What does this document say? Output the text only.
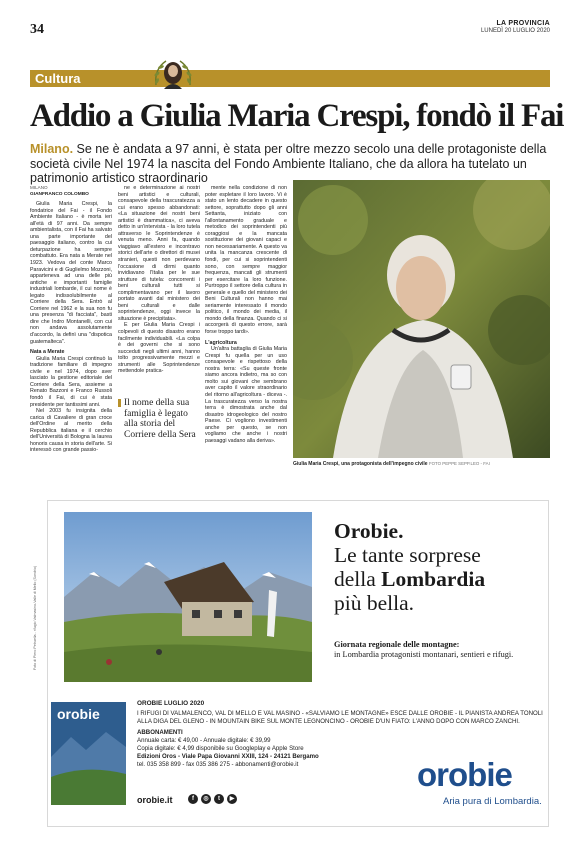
34	LA PROVINCIA
LUNEDÌ 20 LUGLIO 2020
Cultura
Addio a Giulia Maria Crespi, fondò il Fai

Milano. Se ne è andata a 97 anni, è stata per oltre mezzo secolo una delle protagoniste della società civile Nel 1974 la nascita del Fondo Ambiente Italiano, che da allora ha tutelato un patrimonio artistico straordinario

MILANO
GIANFRANCO COLOMBO

Giulia Maria Crespi, la fondatrice del Fai - il Fondo Ambiente Italiano - è morta ieri all'età di 97 anni. Da sempre ambientalista, con il Fai ha salvato una parte importante del paesaggio italiano, contro la cui deturpazione ha sempre combattuto. Era nata a Merate nel 1923. Vedova del conte Marco Paravicini e di Guglielmo Mozzoni, apparteneva ad una delle più antiche e importanti famiglie industriali lombarde, il cui nome è legato indissolubilmente al Corriere della Sera. Entrò al Corriere nel 1962 e la sua non fu una presenza "di facciata", basti dire che Indro Montanelli, con cui non andava assolutamente d'accordo, la definì una "dispotica guatemalteca".

Nata a Merate

Giulia Maria Crespi continuò la tradizione familiare di impegno civile e nel 1974, dopo aver lasciato la gestione editoriale del Corriere della Sera, assieme a Renato Bazzoni e Franco Russoli fondò il Fai, di cui è stata presidente per tantissimi anni.

Nel 2003 fu insignita della carica di Cavaliere di gran croce dell'Ordine al merito della Repubblica italiana e il cerchio dell'Università di Bologna la laurea honoris causa in storia dell'arte. Si interessò con grande passio-

ne e determinazione ai nostri beni artistici e culturali, consapevole della trascuratezza a cui erano spesso abbandonati: «La situazione dei nostri beni artistici è drammatica», ci aveva detto in un'intervista - la loro tutela attraverso le Soprintendenze è venuta meno. Anni fa, quando viaggiavo all'estero e incontravo storici dell'arte o direttori di musei stranieri, questi non perdevano l'occasione di dirmi quanto invidiavano l'Italia per le sue strutture di tutela: concorrenti i beni culturali tutti si complimentavano per il lavoro portato avanti dal ministero dei beni culturali e dalle soprintendenze, oggi invece la situazione è precipitata».

E per Giulia Maria Crespi i colpevoli di questo disastro erano facilmente individuabili. «La colpa è dei governi che si sono succeduti negli ultimi anni, hanno tolto progressivamente mezzi e strumenti alle Soprintendenze mettendole pratica-

Il nome della sua famiglia è legato alla storia del Corriere della Sera

mente nella condizione di non poter espletare il loro lavoro. Vi è stato un lento decadere in questo settore, soprattutto dopo gli anni Settanta, iniziato con l'allontanamento graduale e metodico dei soprintendenti più coraggiosi e la mancata sostituzione dei giovani capaci e non necessariamente. A questo va unita la mancanza crescente di fondi, per cui si soprintendenti sono, con sempre maggior frequenza, mancati gli strumenti per esercitare la loro funzione. Purtroppo il settore della cultura in generale e quello del ministero dei Beni Culturali non hanno mai seriamente interessato il mondo politico, il mondo dei media, il mondo della finanza. Quando ci si accorgerà di questo errore, sarà forse troppo tardi».

L'agricoltura

Un'altra battaglia di Giulia Maria Crespi fu quella per un uso consapevole e rispettoso della nostra terra: «Su queste fronte siamo ancora indietro, ma so con molto sui giovani che sembrano aver capito il valore straordinario del ritorno all'agricoltura - diceva -. La trascuratezza verso la nostra terra è dimostrata anche dal disastro idrogeologico del nostro Paese. Ci vogliono investimenti anche per questo, se non vogliamo che anche i nostri paesaggi vadano alla deriva».

Giulia Maria Crespi, una protagonista dell'impegno civile FOTO PEPPE SEPP.LEO - FAI
Foto di Piero Petruella - rifugio Valmasino-Valle di Mello (Sondrio)
Orobie.
Le tante sorprese
della Lombardia
più bella.
Giornata regionale delle montagne:
in Lombardia protagonisti montanari, sentieri e rifugi.
orobie
OROBIE LUGLIO 2020
I RIFUGI DI VALMALENCO, VAL DI MELLO E VAL MASINO - «SALVIAMO LE MONTAGNE» ESCE DALLE OROBIE - IL PIANISTA ANDREA TONOLI ALLA DIGA DEL GLENO - IN MOUNTAIN BIKE SUL MONTE LEGNONCINO - OROBIE D'UN FIATO: L'ANNO DOPO CON MARCO ZANCHI.
ABBONAMENTI
Annuale carta: € 49,00 - Annuale digitale: € 39,99
Copia digitale: € 4,99 disponibile su Googleplay e Apple Store
Edizioni Oros - Viale Papa Giovanni XXIII, 124 - 24121 Bergamo
tel. 035 358 899 - fax 035 386 275 - abbonamenti@orobie.it
orobie.it	f	◎	t	▶
orobie
Aria pura di Lombardia.
